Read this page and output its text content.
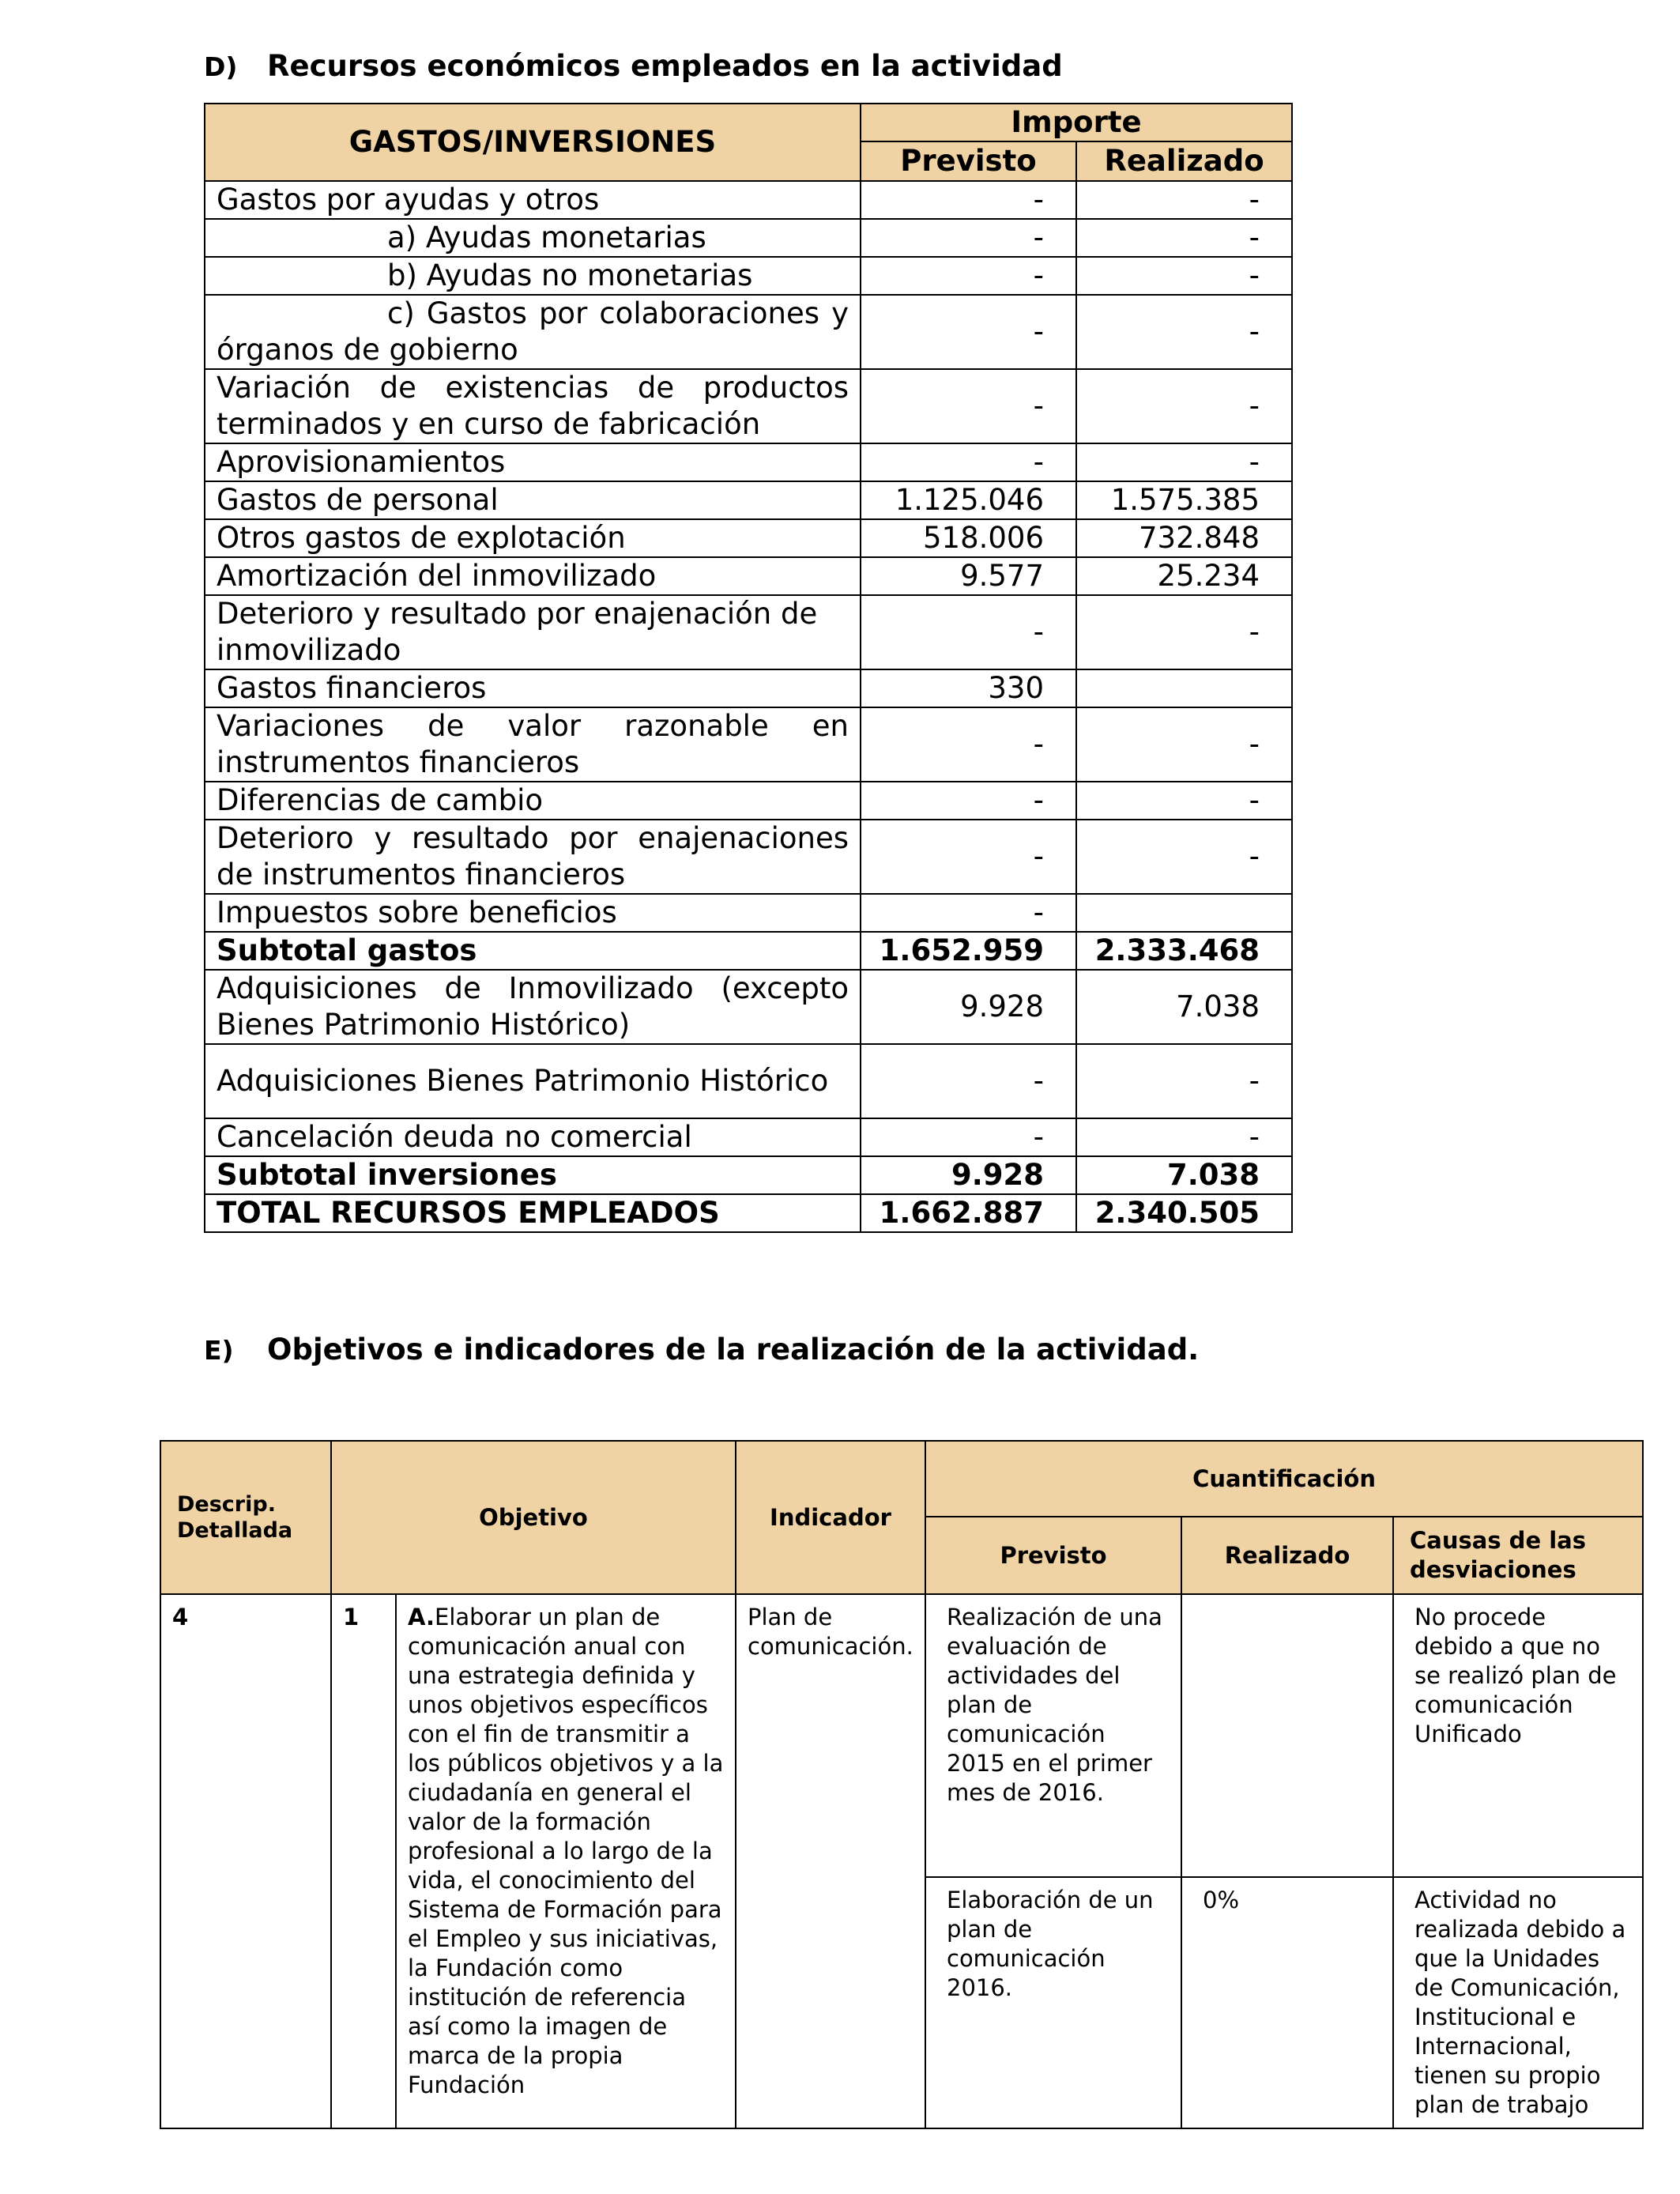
D) Recursos económicos empleados en la actividad
GASTOS/INVERSIONES	Importe	
	Previsto	Realizado
Gastos por ayudas y otros	-	-
a) Ayudas monetarias	-	-
b) Ayudas no monetarias	-	-
c) Gastos por colaboraciones y órganos de gobierno	-	-
Variación de existencias de productos terminados y en curso de fabricación	-	-
Aprovisionamientos	-	-
Gastos de personal	1.125.046	1.575.385
Otros gastos de explotación	518.006	732.848
Amortización del inmovilizado	9.577	25.234
Deterioro y resultado por enajenación de inmovilizado	-	-
Gastos financieros	330	
Variaciones de valor razonable en instrumentos financieros	-	-
Diferencias de cambio	-	-
Deterioro y resultado por enajenaciones de instrumentos financieros	-	-
Impuestos sobre beneficios	-	
Subtotal gastos	1.652.959	2.333.468
Adquisiciones de Inmovilizado (excepto Bienes Patrimonio Histórico)	9.928	7.038
Adquisiciones Bienes Patrimonio Histórico	-	-
Cancelación deuda no comercial	-	-
Subtotal inversiones	9.928	7.038
TOTAL RECURSOS EMPLEADOS	1.662.887	2.340.505
E) Objetivos e indicadores de la realización de la actividad.
Descrip. Detallada	Objetivo		Indicador	Cuantificación		
				Previsto	Realizado	Causas de las desviaciones
4	1	A.Elaborar un plan de comunicación anual con una estrategia definida y unos objetivos específicos con el fin de transmitir a los públicos objetivos y a la ciudadanía en general el valor de la formación profesional a lo largo de la vida, el conocimiento del Sistema de Formación para el Empleo y sus iniciativas, la Fundación como institución de referencia así como la imagen de marca de la propia Fundación	Plan de comunicación.	Realización de una evaluación de actividades del plan de comunicación 2015 en el primer mes de 2016.		No procede debido a que no se realizó plan de comunicación Unificado
				Elaboración de un plan de comunicación 2016.	0%	Actividad no realizada debido a que la Unidades de Comunicación, Institucional e Internacional, tienen su propio plan de trabajo
